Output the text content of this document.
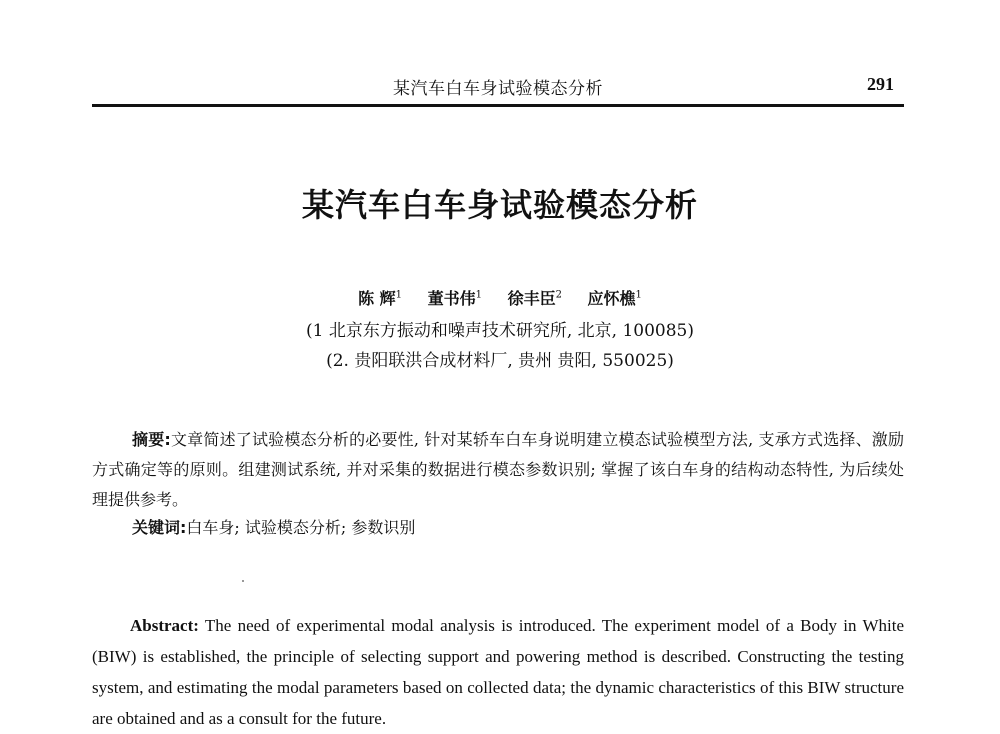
某汽车白车身试验模态分析	291
某汽车白车身试验模态分析
陈 辉$^1$ 董书伟$^1$ 徐丰臣$^2$ 应怀樵$^1$
(1 北京东方振动和噪声技术研究所, 北京, 100085)
(2. 贵阳联洪合成材料厂, 贵州 贵阳, 550025)
摘要:文章简述了试验模态分析的必要性, 针对某轿车白车身说明建立模态试验模型方法, 支承方式选择、激励方式确定等的原则。组建测试系统, 并对采集的数据进行模态参数识别; 掌握了该白车身的结构动态特性, 为后续处理提供参考。
关键词:白车身; 试验模态分析; 参数识别
Abstract: The need of experimental modal analysis is introduced. The experiment model of a Body in White (BIW) is established, the principle of selecting support and powering method is described. Constructing the testing system, and estimating the modal parameters based on collected data; the dynamic characteristics of this BIW structure are obtained and as a consult for the future.
